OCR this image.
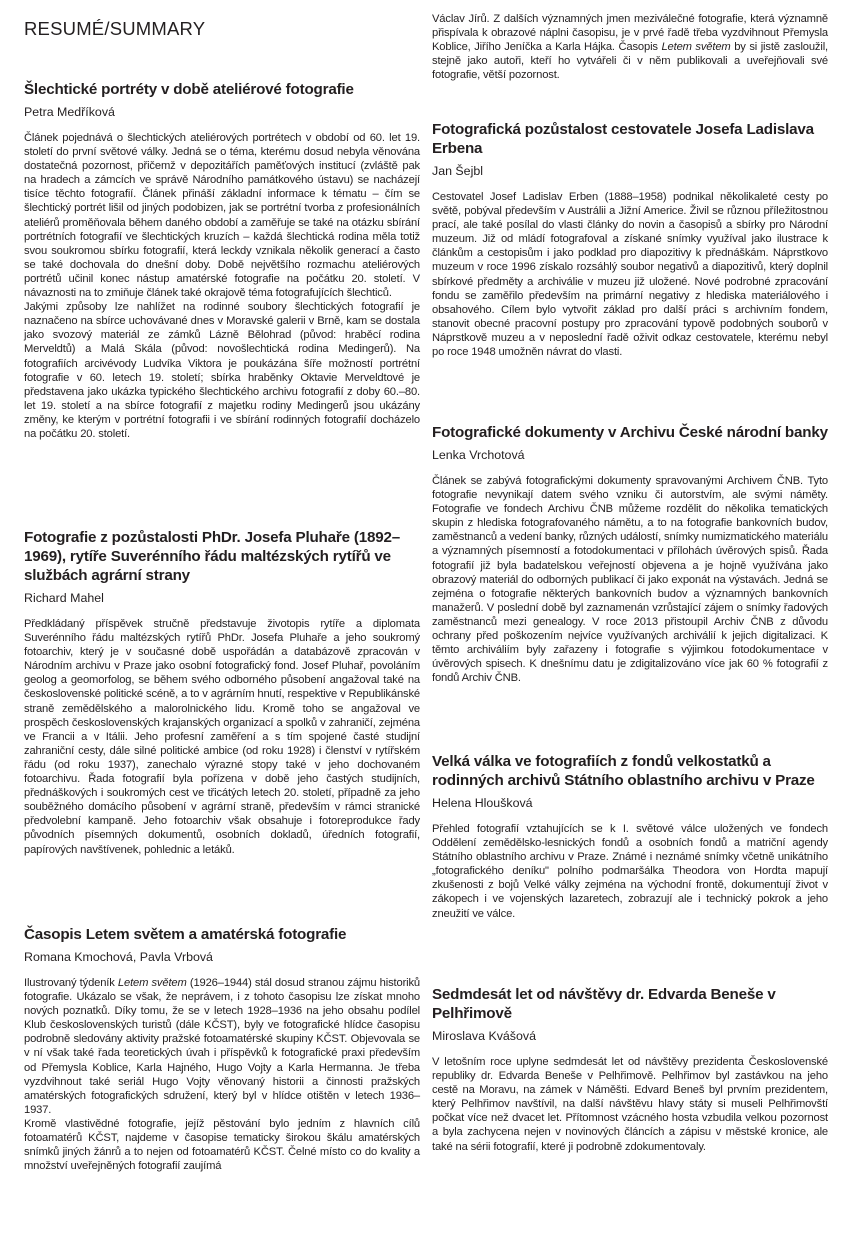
RESUMÉ/SUMMARY
Šlechtické portréty v době ateliérové fotografie
Petra Medříková

Článek pojednává o šlechtických ateliérových portrétech v období od 60. let 19. století do první světové války. Jedná se o téma, kterému dosud nebyla věnována dostatečná pozornost, přičemž v depozitářích paměťových institucí (zvláště pak na hradech a zámcích ve správě Národního památkového ústavu) se nacházejí tisíce těchto fotografií. Článek přináší základní informace k tématu – čím se šlechtický portrét lišil od jiných podobizen, jak se portrétní tvorba z profesionálních ateliérů proměňovala během daného období a zaměřuje se také na otázku sbírání portrétních fotografií ve šlechtických kruzích – každá šlechtická rodina měla totiž svou soukromou sbírku fotografií, která leckdy vznikala několik generací a často se také dochovala do dnešní doby. Době největšího rozmachu ateliérových portrétů učinil konec nástup amatérské fotografie na počátku 20. století. V návaznosti na to zmiňuje článek také okrajově téma fotografujících šlechticů.

Jakými způsoby lze nahlížet na rodinné soubory šlechtických fotografií je naznačeno na sbírce uchovávané dnes v Moravské galerii v Brně, kam se dostala jako svozový materiál ze zámků Lázně Bělohrad (původ: hraběcí rodina Merveldtů) a Malá Skála (původ: novošlechtická rodina Medingerů). Na fotografiích arcivévody Ludvíka Viktora je poukázána šíře možností portrétní fotografie v 60. letech 19. století; sbírka hraběnky Oktavie Merveldtové je představena jako ukázka typického šlechtického archivu fotografií z doby 60.–80. let 19. století a na sbírce fotografií z majetku rodiny Medingerů jsou ukázány změny, ke kterým v portrétní fotografii i ve sbírání rodinných fotografií docházelo na počátku 20. století.

Fotografie z pozůstalosti PhDr. Josefa Pluhaře (1892–1969), rytíře Suverénního řádu maltézských rytířů ve službách agrární strany
Richard Mahel

Předkládaný příspěvek stručně představuje životopis rytíře a diplomata Suverénního řádu maltézských rytířů PhDr. Josefa Pluhaře a jeho soukromý fotoarchiv, který je v současné době uspořádán a databázově zpracován v Národním archivu v Praze jako osobní fotografický fond. Josef Pluhař, povoláním geolog a geomorfolog, se během svého odborného působení angažoval také na československé politické scéně, a to v agrárním hnutí, respektive v Republikánské straně zemědělského a malorolnického lidu. Kromě toho se angažoval ve prospěch československých krajanských organizací a spolků v zahraničí, zejména ve Francii a v Itálii. Jeho profesní zaměření a s tím spojené časté studijní zahraniční cesty, dále silné politické ambice (od roku 1928) i členství v rytířském řádu (od roku 1937), zanechalo výrazné stopy také v jeho dochovaném fotoarchivu. Řada fotografií byla pořízena v době jeho častých studijních, přednáškových i soukromých cest ve třicátých letech 20. století, případně za jeho souběžného domácího působení v agrární straně, především v rámci stranické předvolební kampaně. Jeho fotoarchiv však obsahuje i fotoreprodukce řady původních písemných dokumentů, osobních dokladů, úředních fotografií, papírových navštívenek, pohlednic a letáků.

Časopis Letem světem a amatérská fotografie
Romana Kmochová, Pavla Vrbová

Ilustrovaný týdeník Letem světem (1926–1944) stál dosud stranou zájmu historiků fotografie. Ukázalo se však, že neprávem, i z tohoto časopisu lze získat mnoho nových poznatků. Díky tomu, že se v letech 1928–1936 na jeho obsahu podílel Klub československých turistů (dále KČST), byly ve fotografické hlídce časopisu podrobně sledovány aktivity pražské fotoamatérské skupiny KČST. Objevovala se v ní však také řada teoretických úvah i příspěvků k fotografické praxi především od Přemysla Koblice, Karla Hajného, Hugo Vojty a Karla Hermanna. Je třeba vyzdvihnout také seriál Hugo Vojty věnovaný historii a činnosti pražských amatérských fotografických sdružení, který byl v hlídce otištěn v letech 1936–1937.

Kromě vlastivědné fotografie, jejíž pěstování bylo jedním z hlavních cílů fotoamatérů KČST, najdeme v časopise tematicky širokou škálu amatérských snímků jiných žánrů a to nejen od fotoamatérů KČST. Čelné místo co do kvality a množství uveřejněných fotografií zaujímá

Václav Jírů. Z dalších významných jmen meziválečné fotografie, která významně přispívala k obrazové náplni časopisu, je v prvé řadě třeba vyzdvihnout Přemysla Koblice, Jiřího Jeníčka a Karla Hájka. Časopis Letem světem by si jistě zasloužil, stejně jako autoři, kteří ho vytvářeli či v něm publikovali a uveřejňovali své fotografie, větší pozornost.

Fotografická pozůstalost cestovatele Josefa Ladislava Erbena
Jan Šejbl

Cestovatel Josef Ladislav Erben (1888–1958) podnikal několikaleté cesty po světě, pobýval především v Austrálii a Jižní Americe. Živil se různou příležitostnou prací, ale také posílal do vlasti články do novin a časopisů a sbírky pro Národní muzeum. Již od mládí fotografoval a získané snímky využíval jako ilustrace k článkům a cestopisům i jako podklad pro diapozitivy k přednáškám. Náprstkovo muzeum v roce 1996 získalo rozsáhlý soubor negativů a diapozitivů, který doplnil sbírkové předměty a archiválie v muzeu již uložené. Nové podrobné zpracování fondu se zaměřilo především na primární negativy z hlediska materiálového i obsahového. Cílem bylo vytvořit základ pro další práci s archivním fondem, stanovit obecné pracovní postupy pro zpracování typově podobných souborů v Náprstkově muzeu a v neposlední řadě oživit odkaz cestovatele, kterému nebyl po roce 1948 umožněn návrat do vlasti.

Fotografické dokumenty v Archivu České národní banky
Lenka Vrchotová

Článek se zabývá fotografickými dokumenty spravovanými Archivem ČNB. Tyto fotografie nevynikají datem svého vzniku či autorstvím, ale svými náměty. Fotografie ve fondech Archivu ČNB můžeme rozdělit do několika tematických skupin z hlediska fotografovaného námětu, a to na fotografie bankovních budov, zaměstnanců a vedení banky, různých událostí, snímky numizmatického materiálu a významných písemností a fotodokumentaci v přílohách úvěrových spisů. Řada fotografií již byla badatelskou veřejností objevena a je hojně využívána jako obrazový materiál do odborných publikací či jako exponát na výstavách. Jedná se zejména o fotografie některých bankovních budov a významných bankovních manažerů. V poslední době byl zaznamenán vzrůstající zájem o snímky řadových zaměstnanců mezi genealogy. V roce 2013 přistoupil Archiv ČNB z důvodu ochrany před poškozením nejvíce využívaných archiválií k jejich digitalizaci. K těmto archiváliím byly zařazeny i fotografie s výjimkou fotodokumentace v úvěrových spisech. K dnešnímu datu je zdigitalizováno více jak 60 % fotografií z fondů Archiv ČNB.

Velká válka ve fotografiích z fondů velkostatků a rodinných archivů Státního oblastního archivu v Praze
Helena Hloušková

Přehled fotografií vztahujících se k I. světové válce uložených ve fondech Oddělení zemědělsko-lesnických fondů a osobních fondů a matriční agendy Státního oblastního archivu v Praze. Známé i neznámé snímky včetně unikátního „fotografického deníku" polního podmaršálka Theodora von Hordta mapují zkušenosti z bojů Velké války zejména na východní frontě, dokumentují život v zákopech i ve vojenských lazaretech, zobrazují ale i technický pokrok a jeho zneužití ve válce.

Sedmdesát let od návštěvy dr. Edvarda Beneše v Pelhřimově
Miroslava Kvášová

V letošním roce uplyne sedmdesát let od návštěvy prezidenta Československé republiky dr. Edvarda Beneše v Pelhřimově. Pelhřimov byl zastávkou na jeho cestě na Moravu, na zámek v Náměšti. Edvard Beneš byl prvním prezidentem, který Pelhřimov navštívil, na další návštěvu hlavy státy si museli Pelhřimovští počkat více než dvacet let. Přítomnost vzácného hosta vzbudila velkou pozornost a byla zachycena nejen v novinových článcích a zápisu v městské kronice, ale také na sérii fotografií, které ji podrobně zdokumentovaly.
